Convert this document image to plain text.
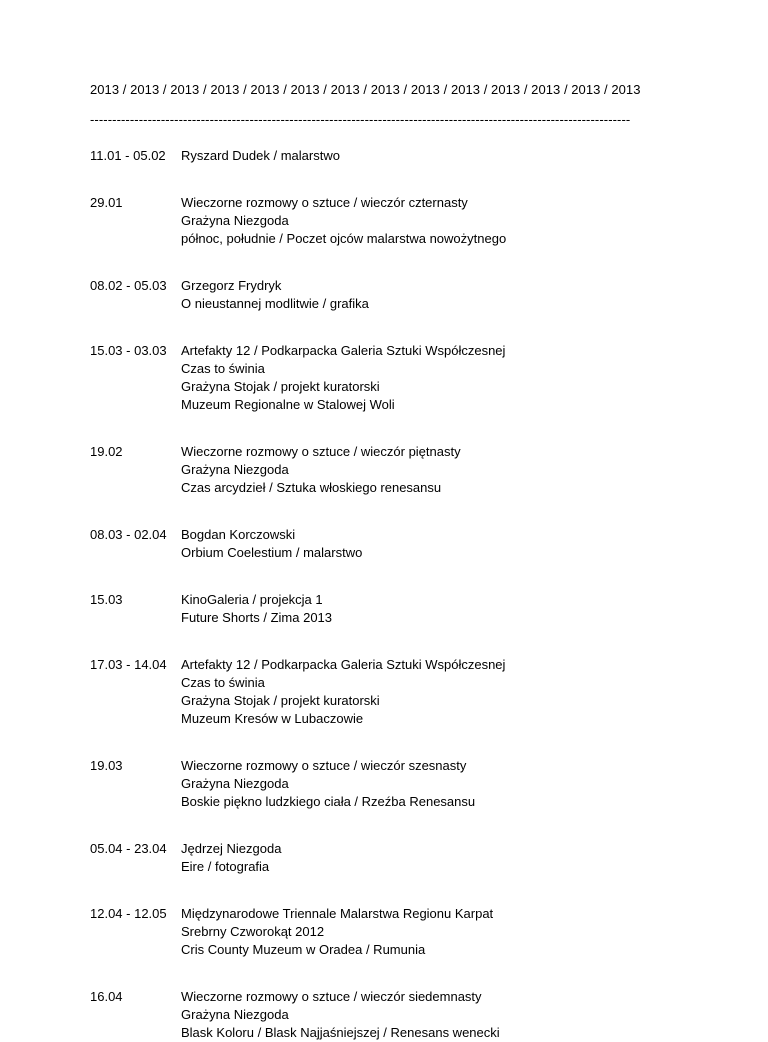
2013 / 2013 / 2013 / 2013 / 2013 / 2013 / 2013 / 2013 / 2013 / 2013 / 2013 / 2013 / 2013 / 2013
--------------------------------------------------------------------------------------------------------------------------
11.01 - 05.02	Ryszard Dudek / malarstwo
29.01	Wieczorne rozmowy o sztuce / wieczór czternasty
Grażyna Niezgoda
północ, południe / Poczet ojców malarstwa nowożytnego
08.02 - 05.03	Grzegorz Frydryk
O nieustannej modlitwie / grafika
15.03 - 03.03	Artefakty 12 / Podkarpacka Galeria Sztuki Współczesnej
Czas to świnia
Grażyna Stojak / projekt kuratorski
Muzeum Regionalne w Stalowej Woli
19.02	Wieczorne rozmowy o sztuce / wieczór piętnasty
Grażyna Niezgoda
Czas arcydzieł / Sztuka włoskiego renesansu
08.03 - 02.04	Bogdan Korczowski
Orbium Coelestium / malarstwo
15.03	KinoGaleria / projekcja 1
Future Shorts / Zima 2013
17.03 - 14.04	Artefakty 12 / Podkarpacka Galeria Sztuki Współczesnej
Czas to świnia
Grażyna Stojak / projekt kuratorski
Muzeum Kresów w Lubaczowie
19.03	Wieczorne rozmowy o sztuce / wieczór szesnasty
Grażyna Niezgoda
Boskie piękno ludzkiego ciała / Rzeźba Renesansu
05.04 - 23.04	Jędrzej Niezgoda
Eire / fotografia
12.04 - 12.05	Międzynarodowe Triennale Malarstwa Regionu Karpat
Srebrny Czworokąt 2012
Cris County Muzeum w Oradea / Rumunia
16.04	Wieczorne rozmowy o sztuce / wieczór siedemnasty
Grażyna Niezgoda
Blask Koloru / Blask Najjaśniejszej / Renesans wenecki
